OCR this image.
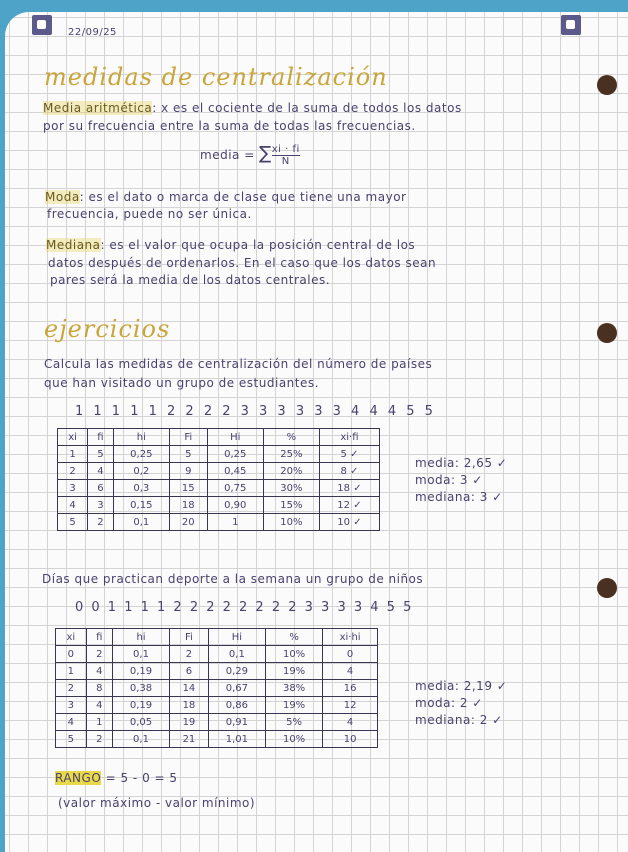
22/09/25
medidas de centralización
Media aritmética: x es el cociente de la suma de todos los datos
por su frecuencia entre la suma de todas las frecuencias.
media = ∑ $\frac{xi \cdot fi}{N}$
Moda: es el dato o marca de clase que tiene una mayor
frecuencia, puede no ser única.
Mediana: es el valor que ocupa la posición central de los
datos después de ordenarlos. En el caso que los datos sean
pares será la media de los datos centrales.
ejercicios
Calcula las medidas de centralización del número de países
que han visitado un grupo de estudiantes.
1 1 1 1 1 2 2 2 2 3 3 3 3 3 3 4 4 4 5 5
xi	fi	hi	Fi	Hi	%	xi·fi
1	5	0,25	5	0,25	25%	5 ✓
2	4	0,2	9	0,45	20%	8 ✓
3	6	0,3	15	0,75	30%	18 ✓
4	3	0,15	18	0,90	15%	12 ✓
5	2	0,1	20	1	10%	10 ✓
media: 2,65 ✓
moda: 3 ✓
mediana: 3 ✓
Días que practican deporte a la semana un grupo de niños
0 0 1 1 1 1 2 2 2 2 2 2 2 2 3 3 3 3 4 5 5
xi	fi	hi	Fi	Hi	%	xi·hi
0	2	0,1	2	0,1	10%	0
1	4	0,19	6	0,29	19%	4
2	8	0,38	14	0,67	38%	16
3	4	0,19	18	0,86	19%	12
4	1	0,05	19	0,91	5%	4
5	2	0,1	21	1,01	10%	10
media: 2,19 ✓
moda: 2 ✓
mediana: 2 ✓
RANGO = 5 - 0 = 5
(valor máximo - valor mínimo)
